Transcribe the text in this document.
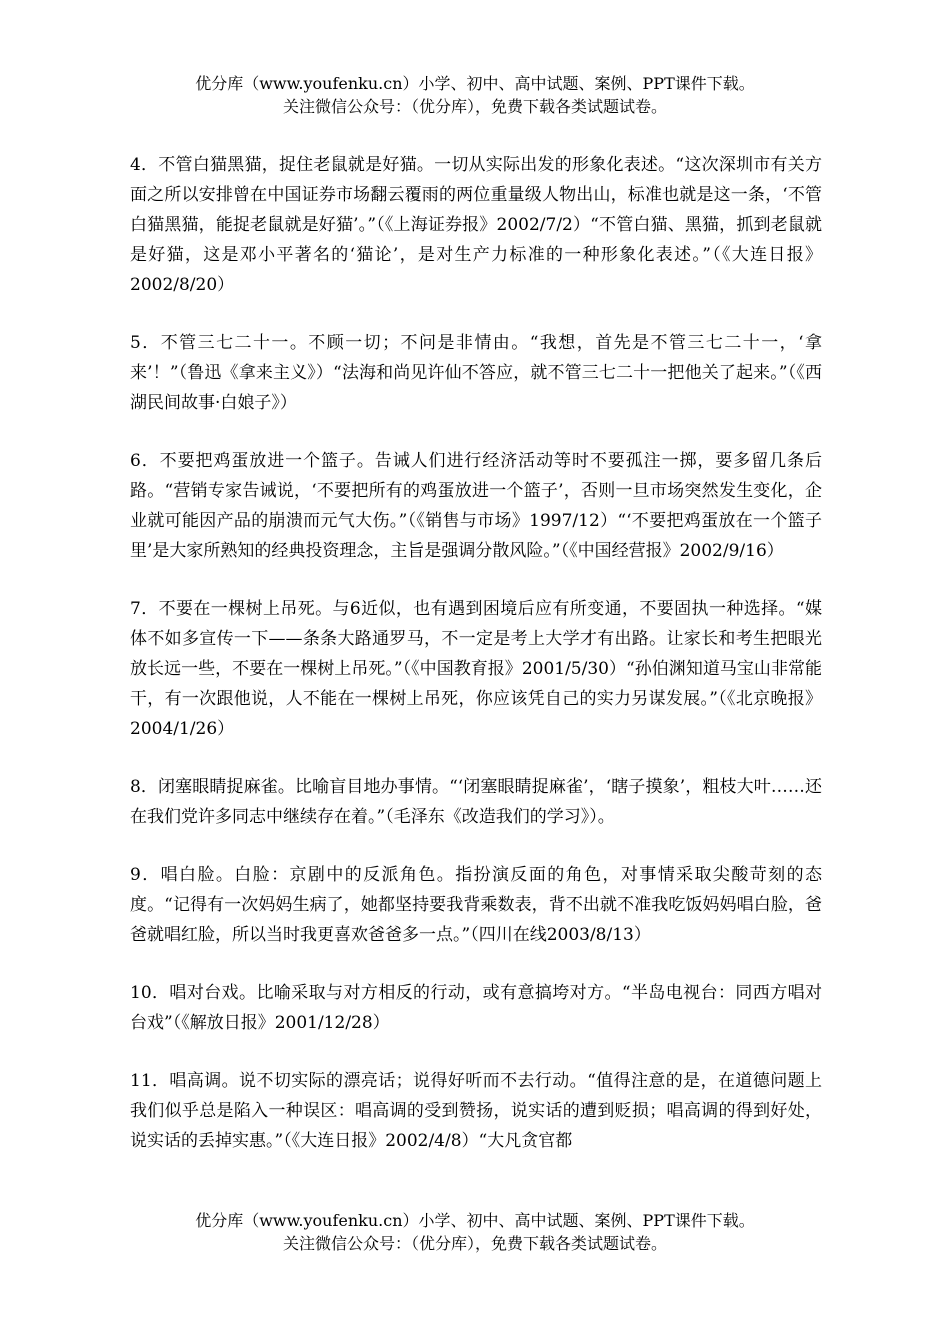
优分库（www.youfenku.cn）小学、初中、高中试题、案例、PPT课件下载。
关注微信公众号：（优分库），免费下载各类试题试卷。

4．不管白猫黑猫，捉住老鼠就是好猫。一切从实际出发的形象化表述。“这次深圳市有关方面之所以安排曾在中国证券市场翻云覆雨的两位重量级人物出山，标准也就是这一条，‘不管白猫黑猫，能捉老鼠就是好猫’。”（《上海证券报》2002/7/2）“不管白猫、黑猫，抓到老鼠就是好猫，这是邓小平著名的‘猫论’，是对生产力标准的一种形象化表述。”（《大连日报》2002/8/20）

5．不管三七二十一。不顾一切；不问是非情由。“我想，首先是不管三七二十一，‘拿来’！”（鲁迅《拿来主义》）“法海和尚见许仙不答应，就不管三七二十一把他关了起来。”（《西湖民间故事·白娘子》）

6．不要把鸡蛋放进一个篮子。告诫人们进行经济活动等时不要孤注一掷，要多留几条后路。“营销专家告诫说，‘不要把所有的鸡蛋放进一个篮子’，否则一旦市场突然发生变化，企业就可能因产品的崩溃而元气大伤。”（《销售与市场》1997/12）“‘不要把鸡蛋放在一个篮子里’是大家所熟知的经典投资理念，主旨是强调分散风险。”（《中国经营报》2002/9/16）

7．不要在一棵树上吊死。与6近似，也有遇到困境后应有所变通，不要固执一种选择。“媒体不如多宣传一下——条条大路通罗马，不一定是考上大学才有出路。让家长和考生把眼光放长远一些，不要在一棵树上吊死。”（《中国教育报》2001/5/30）“孙伯渊知道马宝山非常能干，有一次跟他说，人不能在一棵树上吊死，你应该凭自己的实力另谋发展。”（《北京晚报》2004/1/26）

8．闭塞眼睛捉麻雀。比喻盲目地办事情。“‘闭塞眼睛捉麻雀’，‘瞎子摸象’，粗枝大叶……还在我们党许多同志中继续存在着。”（毛泽东《改造我们的学习》）。

9．唱白脸。白脸：京剧中的反派角色。指扮演反面的角色，对事情采取尖酸苛刻的态度。“记得有一次妈妈生病了，她都坚持要我背乘数表，背不出就不准我吃饭妈妈唱白脸，爸爸就唱红脸，所以当时我更喜欢爸爸多一点。”（四川在线2003/8/13）

10．唱对台戏。比喻采取与对方相反的行动，或有意搞垮对方。“半岛电视台：同西方唱对台戏”（《解放日报》2001/12/28）

11．唱高调。说不切实际的漂亮话；说得好听而不去行动。“值得注意的是，在道德问题上我们似乎总是陷入一种误区：唱高调的受到赞扬，说实话的遭到贬损；唱高调的得到好处，说实话的丢掉实惠。”（《大连日报》2002/4/8）“大凡贪官都

优分库（www.youfenku.cn）小学、初中、高中试题、案例、PPT课件下载。
关注微信公众号：（优分库），免费下载各类试题试卷。
